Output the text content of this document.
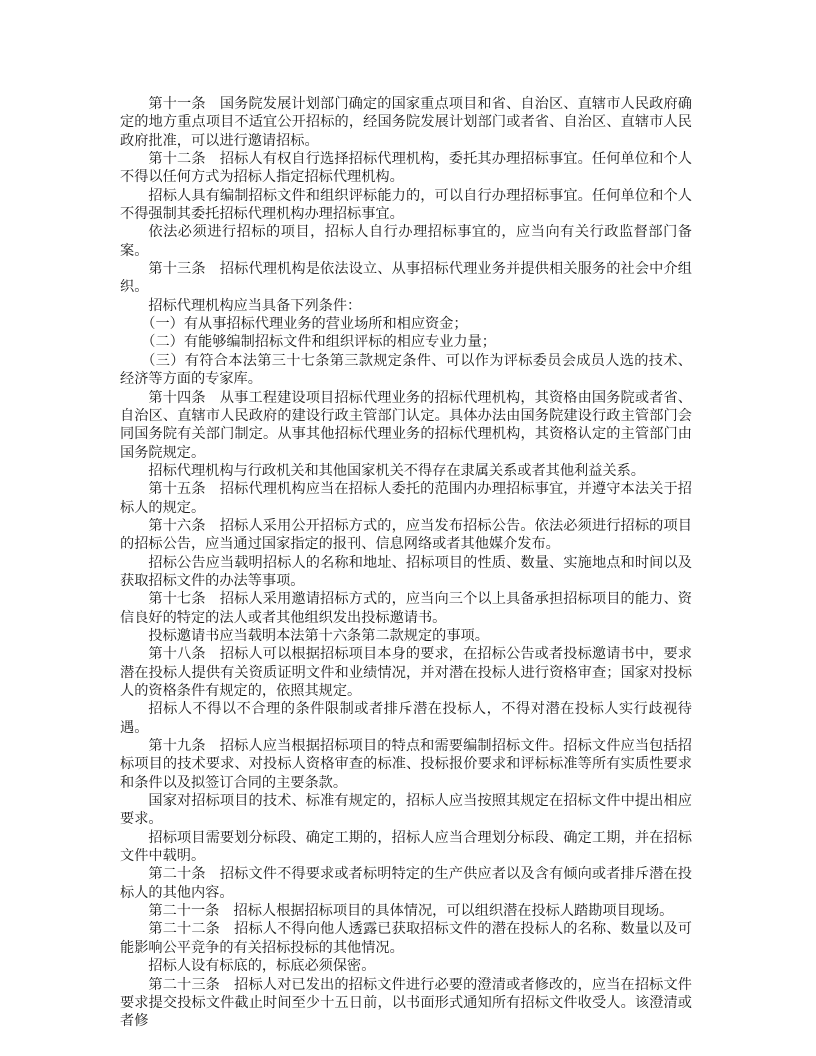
第十一条 国务院发展计划部门确定的国家重点项目和省、自治区、直辖市人民政府确定的地方重点项目不适宜公开招标的，经国务院发展计划部门或者省、自治区、直辖市人民政府批准，可以进行邀请招标。

第十二条 招标人有权自行选择招标代理机构，委托其办理招标事宜。任何单位和个人不得以任何方式为招标人指定招标代理机构。

招标人具有编制招标文件和组织评标能力的，可以自行办理招标事宜。任何单位和个人不得强制其委托招标代理机构办理招标事宜。

依法必须进行招标的项目，招标人自行办理招标事宜的，应当向有关行政监督部门备案。

第十三条 招标代理机构是依法设立、从事招标代理业务并提供相关服务的社会中介组织。

招标代理机构应当具备下列条件：

（一）有从事招标代理业务的营业场所和相应资金；

（二）有能够编制招标文件和组织评标的相应专业力量；

（三）有符合本法第三十七条第三款规定条件、可以作为评标委员会成员人选的技术、经济等方面的专家库。

第十四条 从事工程建设项目招标代理业务的招标代理机构，其资格由国务院或者省、自治区、直辖市人民政府的建设行政主管部门认定。具体办法由国务院建设行政主管部门会同国务院有关部门制定。从事其他招标代理业务的招标代理机构，其资格认定的主管部门由国务院规定。

招标代理机构与行政机关和其他国家机关不得存在隶属关系或者其他利益关系。

第十五条 招标代理机构应当在招标人委托的范围内办理招标事宜，并遵守本法关于招标人的规定。

第十六条 招标人采用公开招标方式的，应当发布招标公告。依法必须进行招标的项目的招标公告，应当通过国家指定的报刊、信息网络或者其他媒介发布。

招标公告应当载明招标人的名称和地址、招标项目的性质、数量、实施地点和时间以及获取招标文件的办法等事项。

第十七条 招标人采用邀请招标方式的，应当向三个以上具备承担招标项目的能力、资信良好的特定的法人或者其他组织发出投标邀请书。

投标邀请书应当载明本法第十六条第二款规定的事项。

第十八条 招标人可以根据招标项目本身的要求，在招标公告或者投标邀请书中，要求潜在投标人提供有关资质证明文件和业绩情况，并对潜在投标人进行资格审查；国家对投标人的资格条件有规定的，依照其规定。

招标人不得以不合理的条件限制或者排斥潜在投标人，不得对潜在投标人实行歧视待遇。

第十九条 招标人应当根据招标项目的特点和需要编制招标文件。招标文件应当包括招标项目的技术要求、对投标人资格审查的标准、投标报价要求和评标标准等所有实质性要求和条件以及拟签订合同的主要条款。

国家对招标项目的技术、标准有规定的，招标人应当按照其规定在招标文件中提出相应要求。

招标项目需要划分标段、确定工期的，招标人应当合理划分标段、确定工期，并在招标文件中载明。

第二十条 招标文件不得要求或者标明特定的生产供应者以及含有倾向或者排斥潜在投标人的其他内容。

第二十一条 招标人根据招标项目的具体情况，可以组织潜在投标人踏勘项目现场。

第二十二条 招标人不得向他人透露已获取招标文件的潜在投标人的名称、数量以及可能影响公平竞争的有关招标投标的其他情况。

招标人设有标底的，标底必须保密。

第二十三条 招标人对已发出的招标文件进行必要的澄清或者修改的，应当在招标文件要求提交投标文件截止时间至少十五日前，以书面形式通知所有招标文件收受人。该澄清或者修
